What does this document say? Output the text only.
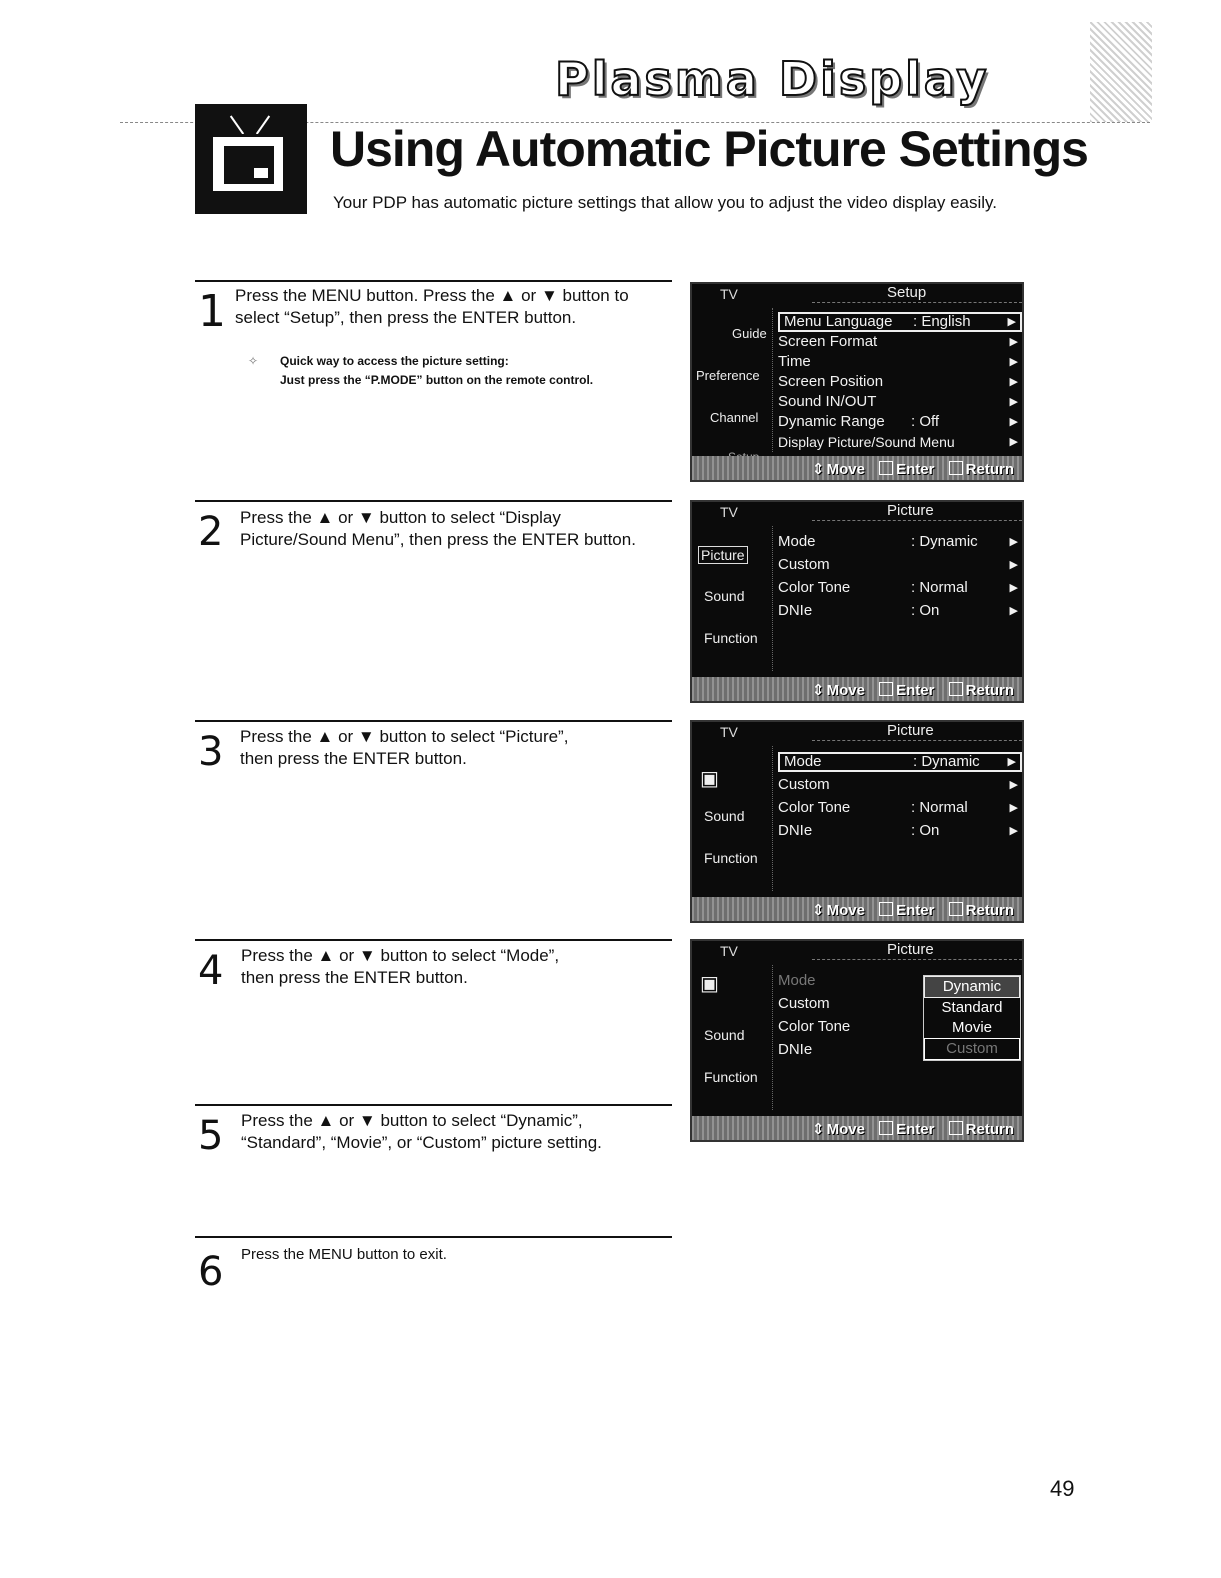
Plasma Display
Using Automatic Picture Settings
Your PDP has automatic picture settings that allow you to adjust the video display easily.
1 Press the MENU button. Press the ▲ or ▼ button to
select “Setup”, then press the ENTER button.
✧ Quick way to access the picture setting:
Just press the “P.MODE” button on the remote control.
2 Press the ▲ or ▼ button to select “Display
Picture/Sound Menu”, then press the ENTER button.
3 Press the ▲ or ▼ button to select “Picture”,
then press the ENTER button.
4 Press the ▲ or ▼ button to select “Mode”,
then press the ENTER button.
5 Press the ▲ or ▼ button to select “Dynamic”,
“Standard”, “Movie”, or “Custom” picture setting.
6 Press the MENU button to exit.
TV	Setup
Guide
Preference
Channel
Menu Language : English	▶
Screen Format	▶
Time	▶
Screen Position	▶
Sound IN/OUT	▶
Dynamic Range : Off	▶
Display Picture/Sound Menu	▶
⇕ Move Enter Return
TV	Picture
Picture
Sound
Function
Mode	: Dynamic	▶
Custom	▶
Color Tone	: Normal	▶
DNIe	: On	▶
⇕ Move Enter Return
TV	Picture
▣
Sound
Function
Mode	: Dynamic	▶
Custom	▶
Color Tone	: Normal	▶
DNIe	: On	▶
⇕ Move Enter Return
TV	Picture
▣
Sound
Function
Mode
Custom
Color Tone
DNIe
Dynamic
Standard
Movie
Custom
⇕ Move Enter Return
49
